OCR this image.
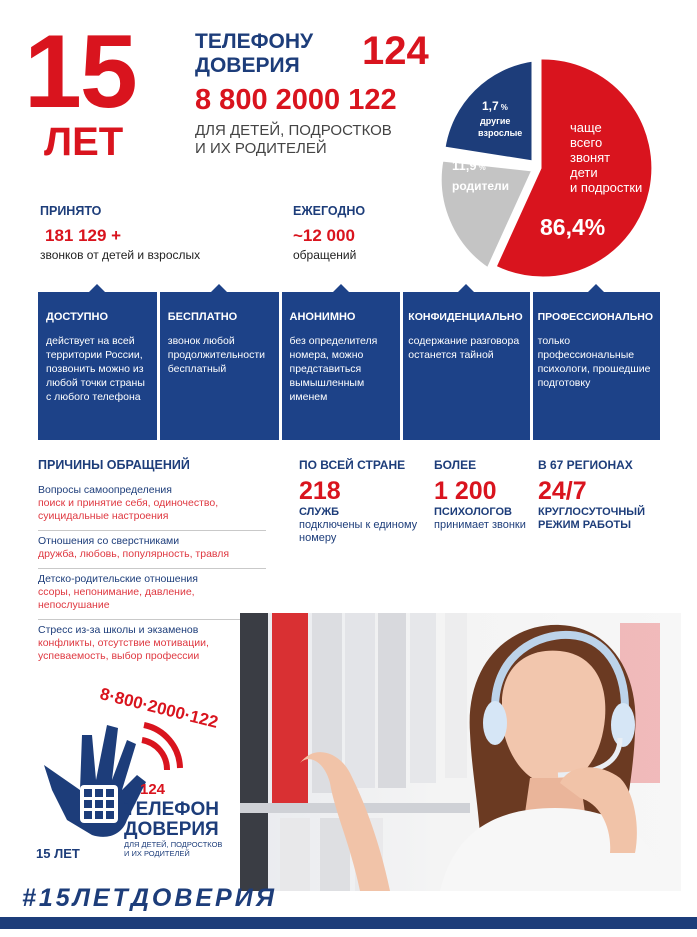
15
ЛЕТ
ТЕЛЕФОНУ
ДОВЕРИЯ	124
8 800 2000 122
ДЛЯ ДЕТЕЙ, ПОДРОСТКОВ
И ИХ РОДИТЕЛЕЙ
1,7 %
другие
взрослые
11,9 %
родители
чаще
всего
звонят
дети
и подростки
86,4%
ПРИНЯТО
181 129 +
звонков от детей и взрослых
ЕЖЕГОДНО
~12 000
обращений
ДОСТУПНО
действует на всей территории России, позвонить можно из любой точки страны с любого телефона
БЕСПЛАТНО
звонок любой продолжительности бесплатный
АНОНИМНО
без определителя номера, можно представиться вымышленным именем
КОНФИДЕНЦИАЛЬНО
содержание разговора останется тайной
ПРОФЕССИОНАЛЬНО
только профессиональные психологи, прошедшие подготовку
ПРИЧИНЫ ОБРАЩЕНИЙ
Вопросы самоопределения
поиск и принятие себя, одиночество, суицидальные настроения
Отношения со сверстниками
дружба, любовь, популярность, травля
Детско-родительские отношения
ссоры, непонимание, давление, непослушание
Стресс из-за школы и экзаменов
конфликты, отсутствие мотивации, успеваемость, выбор профессии
ПО ВСЕЙ СТРАНЕ
218
СЛУЖБ
подключены к единому номеру
БОЛЕЕ
1 200
ПСИХОЛОГОВ
принимает звонки
В 67 РЕГИОНАХ
24/7
КРУГЛОСУТОЧНЫЙ
РЕЖИМ РАБОТЫ
8·800·2000·122
124
ТЕЛЕФОН
ДОВЕРИЯ
ДЛЯ ДЕТЕЙ, ПОДРОСТКОВ
И ИХ РОДИТЕЛЕЙ
15 ЛЕТ
#15ЛЕТДОВЕРИЯ
